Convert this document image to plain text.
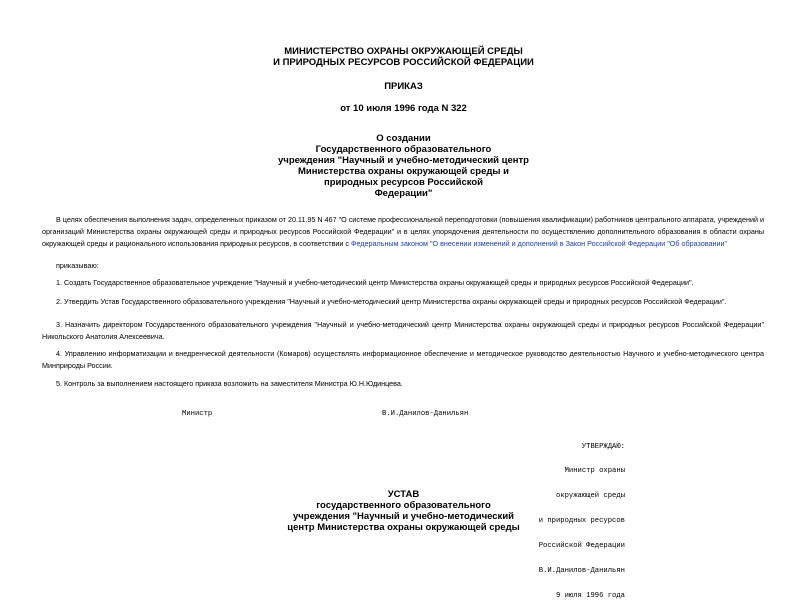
МИНИСТЕРСТВО ОХРАНЫ ОКРУЖАЮЩЕЙ СРЕДЫ
И ПРИРОДНЫХ РЕСУРСОВ РОССИЙСКОЙ ФЕДЕРАЦИИ
ПРИКАЗ
от 10 июля 1996 года N 322
О создании
Государственного образовательного
учреждения "Научный и учебно-методический центр
Министерства охраны окружающей среды и
природных ресурсов Российской
Федерации"
В целях обеспечения выполнения задач, определенных приказом от 20.11.95 N 467 "О системе профессиональной переподготовки (повышения квалификации) работников центрального аппарата, учреждений и организаций Министерства охраны окружающей среды и природных ресурсов Российской Федерации" и в целях упорядочения деятельности по осуществлению дополнительного образования в области охраны окружающей среды и рационального использования природных ресурсов, в соответствии с Федеральным законом "О внесении изменений и дополнений в Закон Российской Федерации "Об образовании"
приказываю:
1. Создать Государственное образовательное учреждение "Научный и учебно-методический центр Министерства охраны окружающей среды и природных ресурсов Российской Федерации".
2. Утвердить Устав Государственного образовательного учреждения "Научный и учебно-методический центр Министерства охраны окружающей среды и природных ресурсов Российской Федерации".
3. Назначить директором Государственного образовательного учреждения "Научный и учебно-методический центр Министерства охраны окружающей среды и природных ресурсов Российской Федерации" Никольского Анатолия Алексеевича.
4. Управлению информатизации и внедренческой деятельности (Комаров) осуществлять информационное обеспечение и методическое руководство деятельностью Научного и учебно-методического центра Минприроды России.
5. Контроль за выполнением настоящего приказа возложить на заместителя Министра Ю.Н.Юдинцева.
Министр	В.И.Данилов-Данильян

УТВЕРЖДАЮ:

Министр охраны

окружающей среды

и природных ресурсов

Российской Федерации

В.И.Данилов-Данильян

9 июля 1996 года

УСТАВ
государственного образовательного
учреждения "Научный и учебно-методический
центр Министерства охраны окружающей среды
